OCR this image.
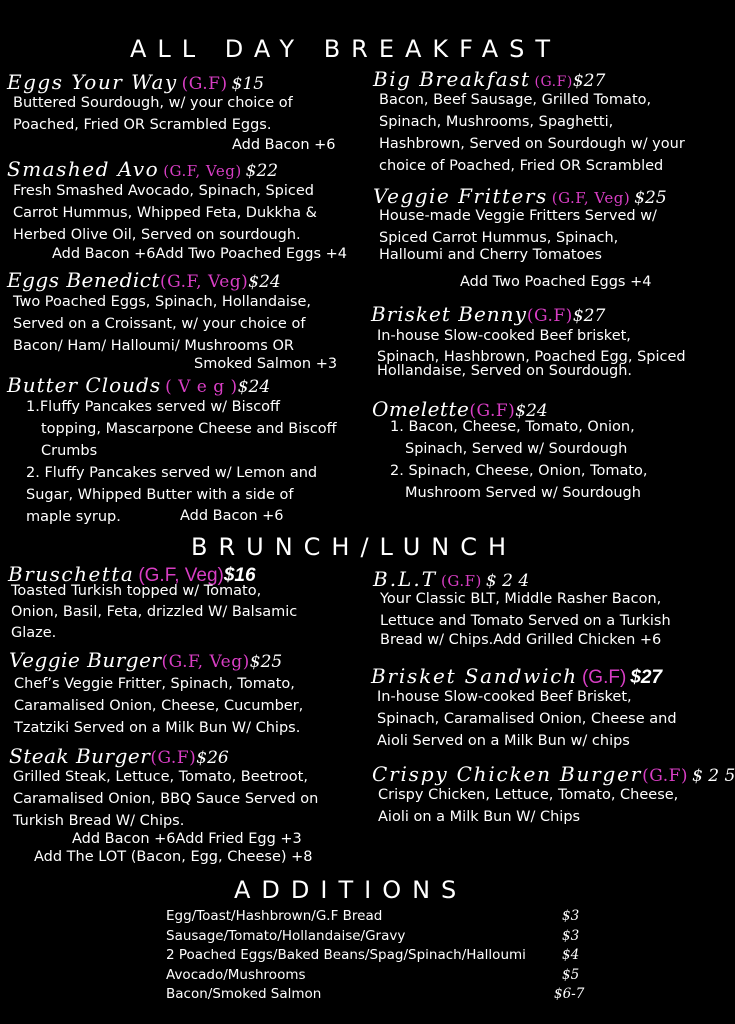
ALL DAY BREAKFAST
BRUNCH/LUNCH
ADDITIONS
Eggs Your Way (G.F) $15
Buttered Sourdough, w/ your choice of
Poached, Fried OR Scrambled Eggs.
Add Bacon +6
Smashed Avo (G.F, Veg) $22
Fresh Smashed Avocado, Spinach, Spiced
Carrot Hummus, Whipped Feta, Dukkha &
Herbed Olive Oil, Served on sourdough.
Add Bacon +6Add Two Poached Eggs +4
Eggs Benedict(G.F, Veg)$24
Two Poached Eggs, Spinach, Hollandaise,
Served on a Croissant, w/ your choice of
Bacon/ Ham/ Halloumi/ Mushrooms OR
Smoked Salmon +3
Butter Clouds ( V e g )$24
1.Fluffy Pancakes served w/ Biscoff
topping, Mascarpone Cheese and Biscoff
Crumbs
2. Fluffy Pancakes served w/ Lemon and
Sugar, Whipped Butter with a side of
maple syrup.	Add Bacon +6
Big Breakfast (G.F)$27
Bacon, Beef Sausage, Grilled Tomato,
Spinach, Mushrooms, Spaghetti,
Hashbrown, Served on Sourdough w/ your
choice of Poached, Fried OR Scrambled
Veggie Fritters (G.F, Veg) $25
House-made Veggie Fritters Served w/
Spiced Carrot Hummus, Spinach,
Halloumi and Cherry Tomatoes
Add Two Poached Eggs +4
Brisket Benny(G.F)$27
In-house Slow-cooked Beef brisket,
Spinach, Hashbrown, Poached Egg, Spiced
Hollandaise, Served on Sourdough.
Omelette(G.F)$24
1. Bacon, Cheese, Tomato, Onion,
Spinach, Served w/ Sourdough
2. Spinach, Cheese, Onion, Tomato,
Mushroom Served w/ Sourdough
Bruschetta (G.F, Veg)$16
Toasted Turkish topped w/ Tomato,
Onion, Basil, Feta, drizzled W/ Balsamic
Glaze.
Veggie Burger(G.F, Veg)$25
Chef’s Veggie Fritter, Spinach, Tomato,
Caramalised Onion, Cheese, Cucumber,
Tzatziki Served on a Milk Bun W/ Chips.
Steak Burger(G.F)$26
Grilled Steak, Lettuce, Tomato, Beetroot,
Caramalised Onion, BBQ Sauce Served on
Turkish Bread W/ Chips.
Add Bacon +6Add Fried Egg +3
Add The LOT (Bacon, Egg, Cheese) +8
B.L.T (G.F) $ 2 4
Your Classic BLT, Middle Rasher Bacon,
Lettuce and Tomato Served on a Turkish
Bread w/ Chips.Add Grilled Chicken +6
Brisket Sandwich (G.F) $27
In-house Slow-cooked Beef Brisket,
Spinach, Caramalised Onion, Cheese and
Aioli Served on a Milk Bun w/ chips
Crispy Chicken Burger(G.F) $ 2 5
Crispy Chicken, Lettuce, Tomato, Cheese,
Aioli on a Milk Bun W/ Chips
Egg/Toast/Hashbrown/G.F Bread	$3
Sausage/Tomato/Hollandaise/Gravy	$3
2 Poached Eggs/Baked Beans/Spag/Spinach/Halloumi	$4
Avocado/Mushrooms	$5
Bacon/Smoked Salmon	$6-7
